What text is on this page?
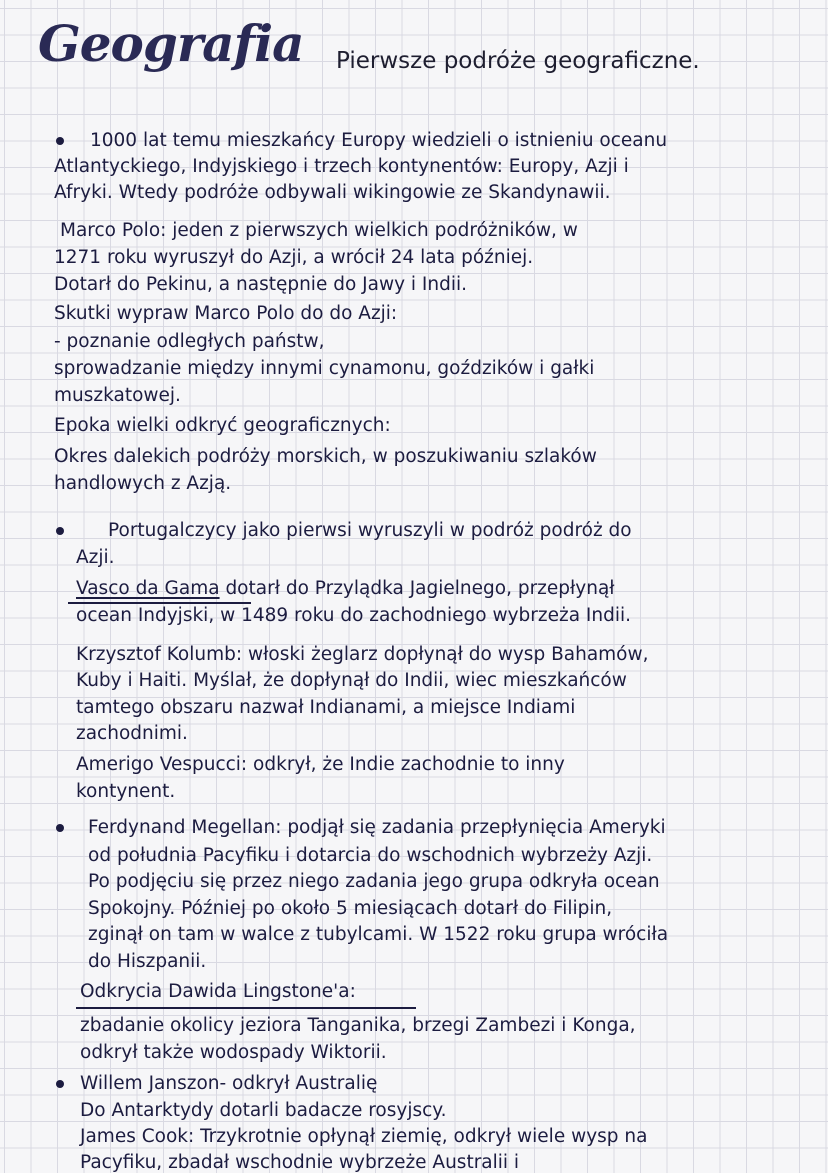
Geografia Pierwsze podróże geograficzne.
1000 lat temu mieszkańcy Europy wiedzieli o istnieniu oceanu
Atlantyckiego, Indyjskiego i trzech kontynentów: Europy, Azji i
Afryki. Wtedy podróże odbywali wikingowie ze Skandynawii.
Marco Polo: jeden z pierwszych wielkich podróżników, w
1271 roku wyruszył do Azji, a wrócił 24 lata później.
Dotarł do Pekinu, a następnie do Jawy i Indii.
Skutki wypraw Marco Polo do do Azji:
- poznanie odległych państw,
sprowadzanie między innymi cynamonu, goździków i gałki
muszkatowej.
Epoka wielki odkryć geograficznych:
Okres dalekich podróży morskich, w poszukiwaniu szlaków
handlowych z Azją.
Portugalczycy jako pierwsi wyruszyli w podróż podróż do
Azji.
Vasco da Gama dotarł do Przylądka Jagielnego, przepłynął
ocean Indyjski, w 1489 roku do zachodniego wybrzeża Indii.
Krzysztof Kolumb: włoski żeglarz dopłynął do wysp Bahamów,
Kuby i Haiti. Myślał, że dopłynął do Indii, wiec mieszkańców
tamtego obszaru nazwał Indianami, a miejsce Indiami
zachodnimi.
Amerigo Vespucci: odkrył, że Indie zachodnie to inny
kontynent.
Ferdynand Megellan: podjął się zadania przepłynięcia Ameryki
od południa Pacyfiku i dotarcia do wschodnich wybrzeży Azji.
Po podjęciu się przez niego zadania jego grupa odkryła ocean
Spokojny. Później po około 5 miesiącach dotarł do Filipin,
zginął on tam w walce z tubylcami. W 1522 roku grupa wróciła
do Hiszpanii.
Odkrycia Dawida Lingstone'a:
zbadanie okolicy jeziora Tanganika, brzegi Zambezi i Konga,
odkrył także wodospady Wiktorii.
Willem Janszon- odkrył Australię
Do Antarktydy dotarli badacze rosyjscy.
James Cook: Trzykrotnie opłynął ziemię, odkrył wiele wysp na
Pacyfiku, zbadał wschodnie wybrzeże Australii i
